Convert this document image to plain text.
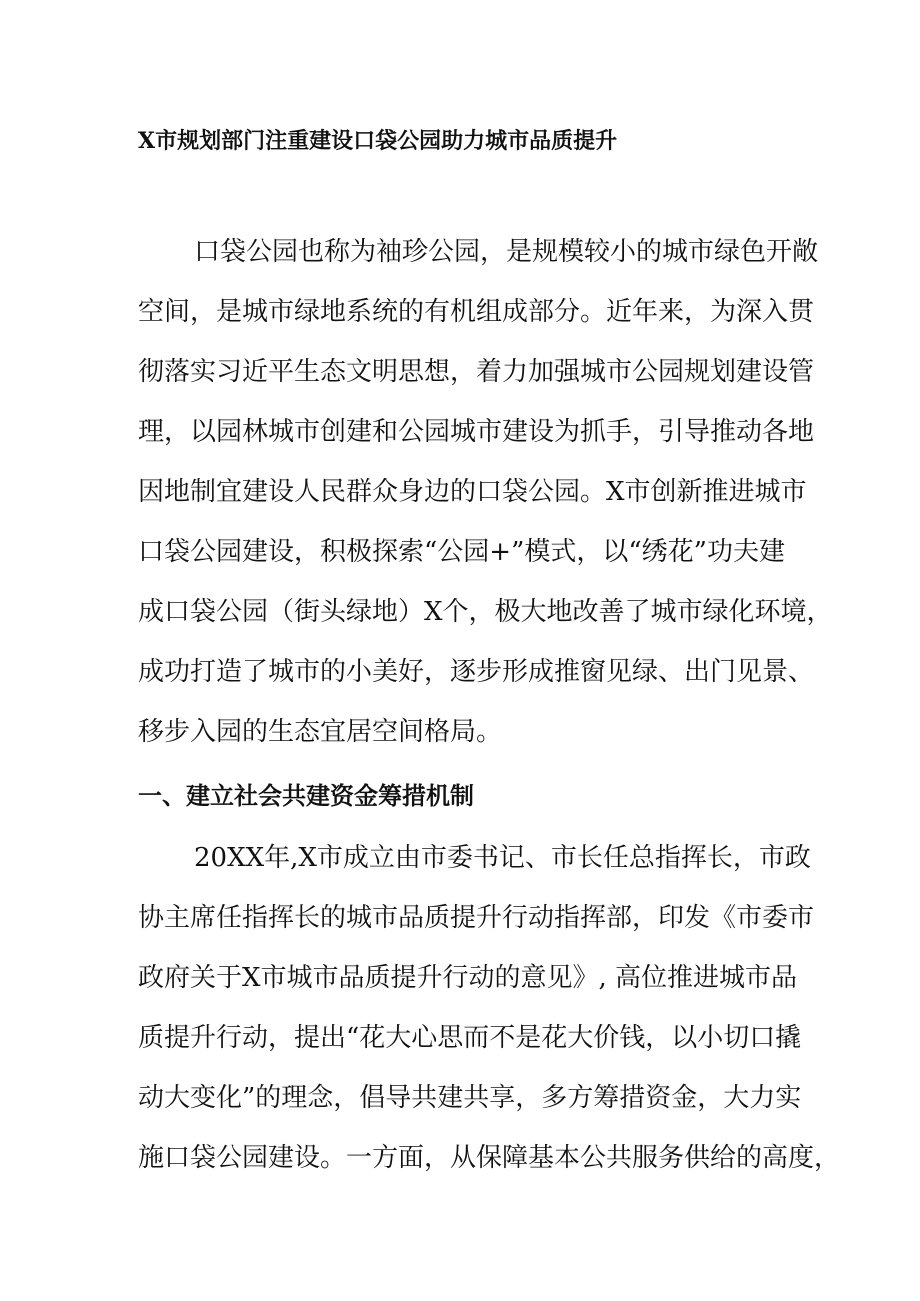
X市规划部门注重建设口袋公园助力城市品质提升
口袋公园也称为袖珍公园，是规模较小的城市绿色开敞
空间，是城市绿地系统的有机组成部分。近年来，为深入贯
彻落实习近平生态文明思想，着力加强城市公园规划建设管
理，以园林城市创建和公园城市建设为抓手，引导推动各地
因地制宜建设人民群众身边的口袋公园。X市创新推进城市
口袋公园建设，积极探索“公园+”模式，以“绣花”功夫建
成口袋公园（街头绿地）X个，极大地改善了城市绿化环境，
成功打造了城市的小美好，逐步形成推窗见绿、出门见景、
移步入园的生态宜居空间格局。
一、建立社会共建资金筹措机制
20XX年,X市成立由市委书记、市长任总指挥长，市政
协主席任指挥长的城市品质提升行动指挥部，印发《市委市
政府关于X市城市品质提升行动的意见》, 高位推进城市品
质提升行动，提出“花大心思而不是花大价钱，以小切口撬
动大变化”的理念，倡导共建共享，多方筹措资金，大力实
施口袋公园建设。一方面，从保障基本公共服务供给的高度，
